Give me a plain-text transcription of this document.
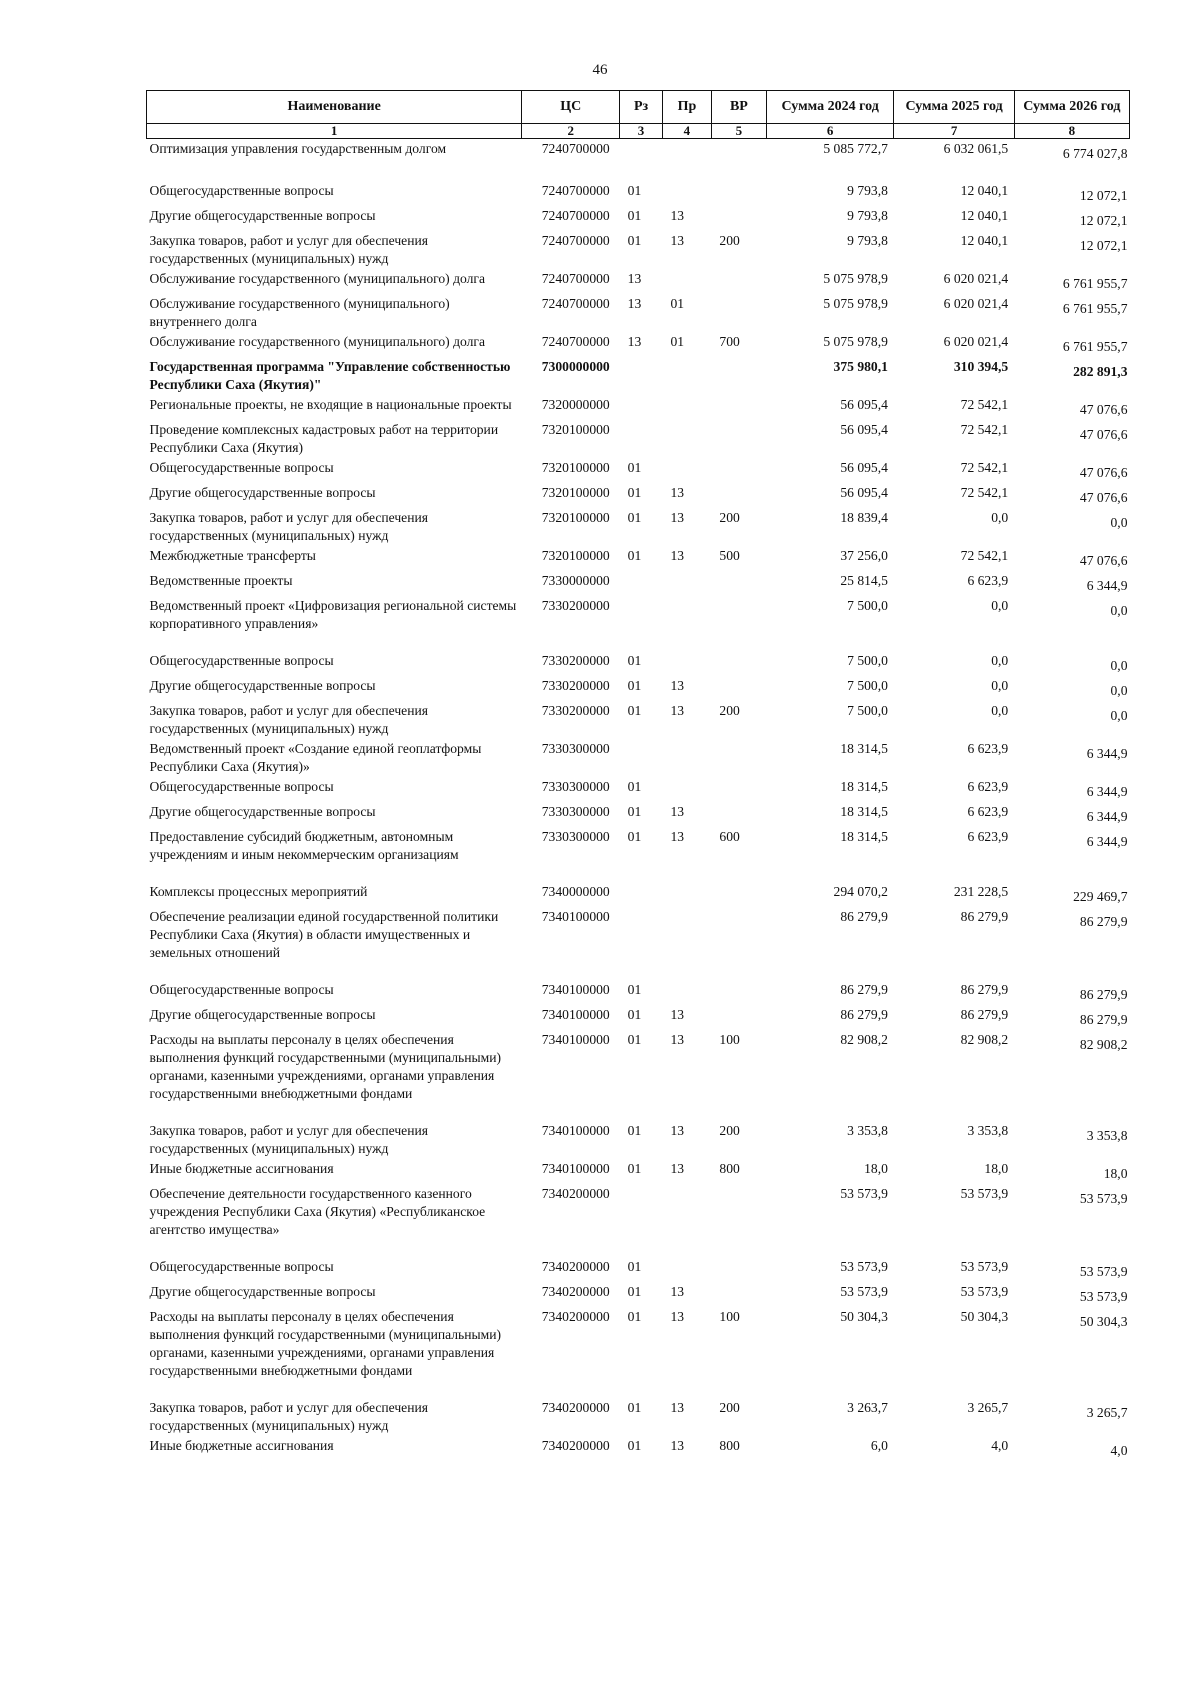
46
Наименование	ЦС	Рз	Пр	ВР	Сумма 2024 год	Сумма 2025 год	Сумма 2026 год
1	2	3	4	5	6	7	8
Оптимизация управления государственным долгом	7240700000				5 085 772,7	6 032 061,5	6 774 027,8
Общегосударственные вопросы	7240700000	01			9 793,8	12 040,1	12 072,1
Другие общегосударственные вопросы	7240700000	01	13		9 793,8	12 040,1	12 072,1
Закупка товаров, работ и услуг для обеспечения государственных (муниципальных) нужд	7240700000	01	13	200	9 793,8	12 040,1	12 072,1
Обслуживание государственного (муниципального) долга	7240700000	13			5 075 978,9	6 020 021,4	6 761 955,7
Обслуживание государственного (муниципального) внутреннего долга	7240700000	13	01		5 075 978,9	6 020 021,4	6 761 955,7
Обслуживание государственного (муниципального) долга	7240700000	13	01	700	5 075 978,9	6 020 021,4	6 761 955,7
Государственная программа "Управление собственностью Республики Саха (Якутия)"	7300000000				375 980,1	310 394,5	282 891,3
Региональные проекты, не входящие в национальные проекты	7320000000				56 095,4	72 542,1	47 076,6
Проведение комплексных кадастровых работ на территории Республики Саха (Якутия)	7320100000				56 095,4	72 542,1	47 076,6
Общегосударственные вопросы	7320100000	01			56 095,4	72 542,1	47 076,6
Другие общегосударственные вопросы	7320100000	01	13		56 095,4	72 542,1	47 076,6
Закупка товаров, работ и услуг для обеспечения государственных (муниципальных) нужд	7320100000	01	13	200	18 839,4	0,0	0,0
Межбюджетные трансферты	7320100000	01	13	500	37 256,0	72 542,1	47 076,6
Ведомственные проекты	7330000000				25 814,5	6 623,9	6 344,9
Ведомственный проект «Цифровизация региональной системы корпоративного управления»	7330200000				7 500,0	0,0	0,0
Общегосударственные вопросы	7330200000	01			7 500,0	0,0	0,0
Другие общегосударственные вопросы	7330200000	01	13		7 500,0	0,0	0,0
Закупка товаров, работ и услуг для обеспечения государственных (муниципальных) нужд	7330200000	01	13	200	7 500,0	0,0	0,0
Ведомственный проект «Создание единой геоплатформы Республики Саха (Якутия)»	7330300000				18 314,5	6 623,9	6 344,9
Общегосударственные вопросы	7330300000	01			18 314,5	6 623,9	6 344,9
Другие общегосударственные вопросы	7330300000	01	13		18 314,5	6 623,9	6 344,9
Предоставление субсидий бюджетным, автономным учреждениям и иным некоммерческим организациям	7330300000	01	13	600	18 314,5	6 623,9	6 344,9
Комплексы процессных мероприятий	7340000000				294 070,2	231 228,5	229 469,7
Обеспечение реализации единой государственной политики Республики Саха (Якутия) в области имущественных и земельных отношений	7340100000				86 279,9	86 279,9	86 279,9
Общегосударственные вопросы	7340100000	01			86 279,9	86 279,9	86 279,9
Другие общегосударственные вопросы	7340100000	01	13		86 279,9	86 279,9	86 279,9
Расходы на выплаты персоналу в целях обеспечения выполнения функций государственными (муниципальными) органами, казенными учреждениями, органами управления государственными внебюджетными фондами	7340100000	01	13	100	82 908,2	82 908,2	82 908,2
Закупка товаров, работ и услуг для обеспечения государственных (муниципальных) нужд	7340100000	01	13	200	3 353,8	3 353,8	3 353,8
Иные бюджетные ассигнования	7340100000	01	13	800	18,0	18,0	18,0
Обеспечение деятельности государственного казенного учреждения Республики Саха (Якутия) «Республиканское агентство имущества»	7340200000				53 573,9	53 573,9	53 573,9
Общегосударственные вопросы	7340200000	01			53 573,9	53 573,9	53 573,9
Другие общегосударственные вопросы	7340200000	01	13		53 573,9	53 573,9	53 573,9
Расходы на выплаты персоналу в целях обеспечения выполнения функций государственными (муниципальными) органами, казенными учреждениями, органами управления государственными внебюджетными фондами	7340200000	01	13	100	50 304,3	50 304,3	50 304,3
Закупка товаров, работ и услуг для обеспечения государственных (муниципальных) нужд	7340200000	01	13	200	3 263,7	3 265,7	3 265,7
Иные бюджетные ассигнования	7340200000	01	13	800	6,0	4,0	4,0
